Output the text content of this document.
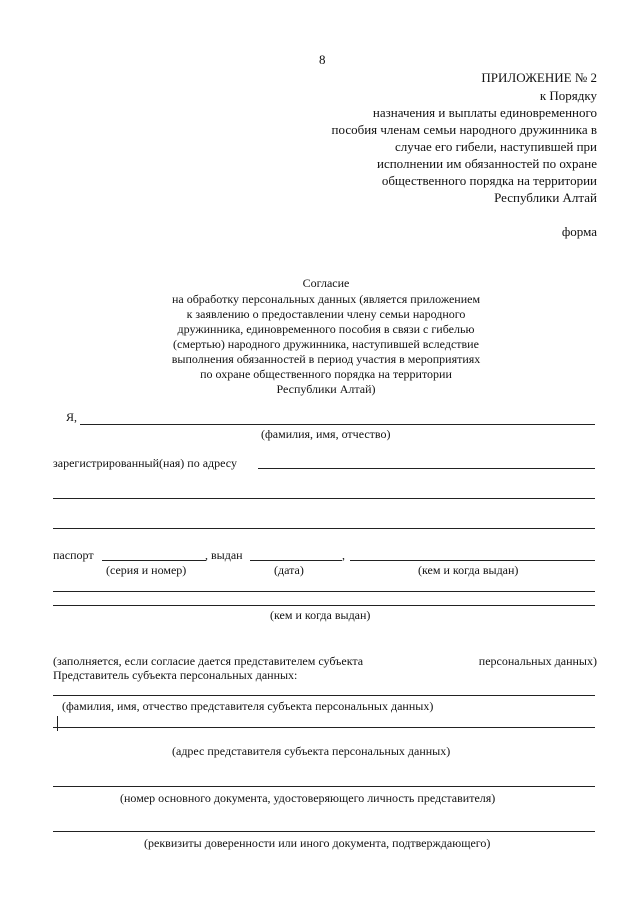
8
ПРИЛОЖЕНИЕ № 2
к Порядку
назначения и выплаты единовременного
пособия членам семьи народного дружинника в
случае его гибели, наступившей при
исполнении им обязанностей по охране
общественного порядка на территории
Республики Алтай
форма
Согласие
на обработку персональных данных (является приложением
к заявлению о предоставлении члену семьи народного
дружинника, единовременного пособия в связи с гибелью
(смертью) народного дружинника, наступившей вследствие
выполнения обязанностей в период участия в мероприятиях
по охране общественного порядка на территории
Республики Алтай)
Я,
(фамилия, имя, отчество)
зарегистрированный(ная) по адресу
паспорт	, выдан	,
(серия и номер)	(дата)	(кем и когда выдан)
(кем и когда выдан)
(заполняется, если согласие дается представителем субъекта	персональных данных)
Представитель субъекта персональных данных:
(фамилия, имя, отчество представителя субъекта персональных данных)
(адрес представителя субъекта персональных данных)
(номер основного документа, удостоверяющего личность представителя)
(реквизиты доверенности или иного документа, подтверждающего)
